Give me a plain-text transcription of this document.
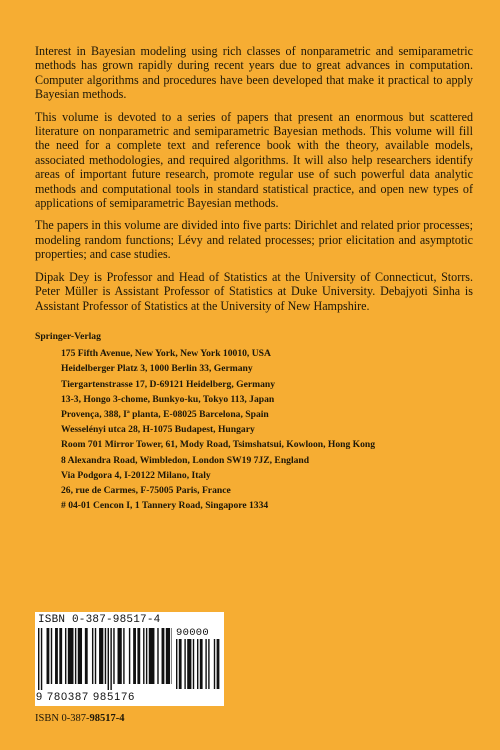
Interest in Bayesian modeling using rich classes of nonparametric and semiparametric methods has grown rapidly during recent years due to great advances in computation. Computer algorithms and procedures have been developed that make it practical to apply Bayesian methods.

This volume is devoted to a series of papers that present an enormous but scattered literature on nonparametric and semiparametric Bayesian methods. This volume will fill the need for a complete text and reference book with the theory, available models, associated methodologies, and required algorithms. It will also help researchers identify areas of important future research, promote regular use of such powerful data analytic methods and computational tools in standard statistical practice, and open new types of applications of semiparametric Bayesian methods.

The papers in this volume are divided into five parts: Dirichlet and related prior processes; modeling random functions; Lévy and related processes; prior elicitation and asymptotic properties; and case studies.

Dipak Dey is Professor and Head of Statistics at the University of Connecticut, Storrs. Peter Müller is Assistant Professor of Statistics at Duke University. Debajyoti Sinha is Assistant Professor of Statistics at the University of New Hampshire.

Springer-Verlag
175 Fifth Avenue, New York, New York 10010, USA
Heidelberger Platz 3, 1000 Berlin 33, Germany
Tiergartenstrasse 17, D-69121 Heidelberg, Germany
13-3, Hongo 3-chome, Bunkyo-ku, Tokyo 113, Japan
Provença, 388, Iª planta, E-08025 Barcelona, Spain
Wesselényi utca 28, H-1075 Budapest, Hungary
Room 701 Mirror Tower, 61, Mody Road, Tsimshatsui, Kowloon, Hong Kong
8 Alexandra Road, Wimbledon, London SW19 7JZ, England
Via Podgora 4, I-20122 Milano, Italy
26, rue de Carmes, F-75005 Paris, France
# 04-01 Cencon I, 1 Tannery Road, Singapore 1334
ISBN 0-387-98517-4
90000
9 780387 985176
ISBN 0-387-98517-4
